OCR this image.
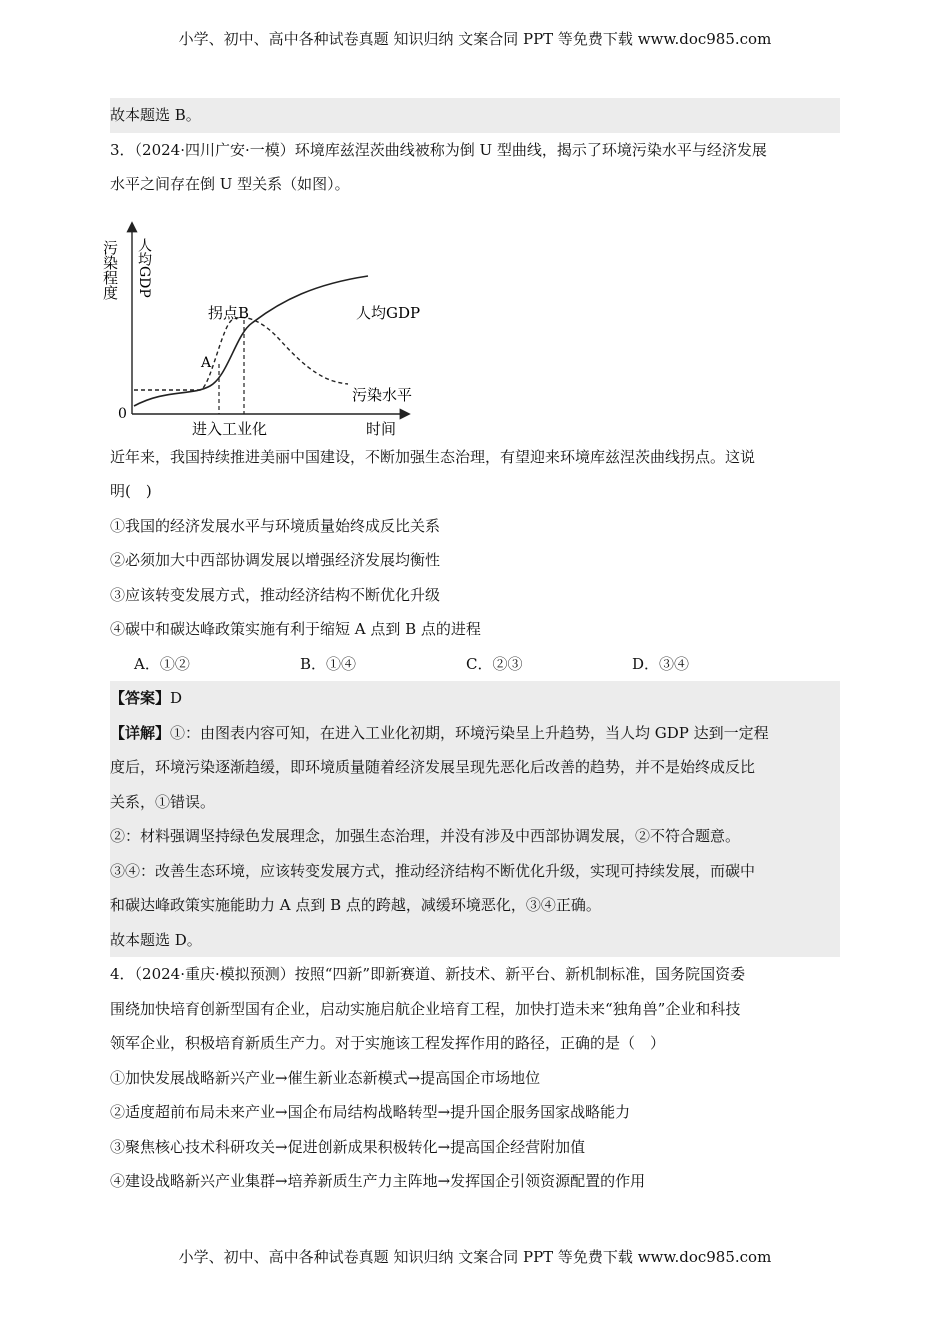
小学、初中、高中各种试卷真题 知识归纳 文案合同 PPT 等免费下载 www.doc985.com
故本题选 B。
3．（2024·四川广安·一模）环境库兹涅茨曲线被称为倒 U 型曲线，揭示了环境污染水平与经济发展
水平之间存在倒 U 型关系（如图）。
污染程度 人均GDP
0
A
拐点B	人均GDP
污染水平
进入工业化	时间
近年来，我国持续推进美丽中国建设，不断加强生态治理，有望迎来环境库兹涅茨曲线拐点。这说
明(　)
①我国的经济发展水平与环境质量始终成反比关系
②必须加大中西部协调发展以增强经济发展均衡性
③应该转变发展方式，推动经济结构不断优化升级
④碳中和碳达峰政策实施有利于缩短 A 点到 B 点的进程
A．①②	B．①④	C．②③	D．③④
【答案】D
【详解】①：由图表内容可知，在进入工业化初期，环境污染呈上升趋势，当人均 GDP 达到一定程
度后，环境污染逐渐趋缓，即环境质量随着经济发展呈现先恶化后改善的趋势，并不是始终成反比
关系，①错误。
②：材料强调坚持绿色发展理念，加强生态治理，并没有涉及中西部协调发展，②不符合题意。
③④：改善生态环境，应该转变发展方式，推动经济结构不断优化升级，实现可持续发展，而碳中
和碳达峰政策实施能助力 A 点到 B 点的跨越，减缓环境恶化，③④正确。
故本题选 D。
4．（2024·重庆·模拟预测）按照“四新”即新赛道、新技术、新平台、新机制标准，国务院国资委
围绕加快培育创新型国有企业，启动实施启航企业培育工程，加快打造未来“独角兽”企业和科技
领军企业，积极培育新质生产力。对于实施该工程发挥作用的路径，正确的是（　）
①加快发展战略新兴产业→催生新业态新模式→提高国企市场地位
②适度超前布局未来产业→国企布局结构战略转型→提升国企服务国家战略能力
③聚焦核心技术科研攻关→促进创新成果积极转化→提高国企经营附加值
④建设战略新兴产业集群→培养新质生产力主阵地→发挥国企引领资源配置的作用
小学、初中、高中各种试卷真题 知识归纳 文案合同 PPT 等免费下载 www.doc985.com
